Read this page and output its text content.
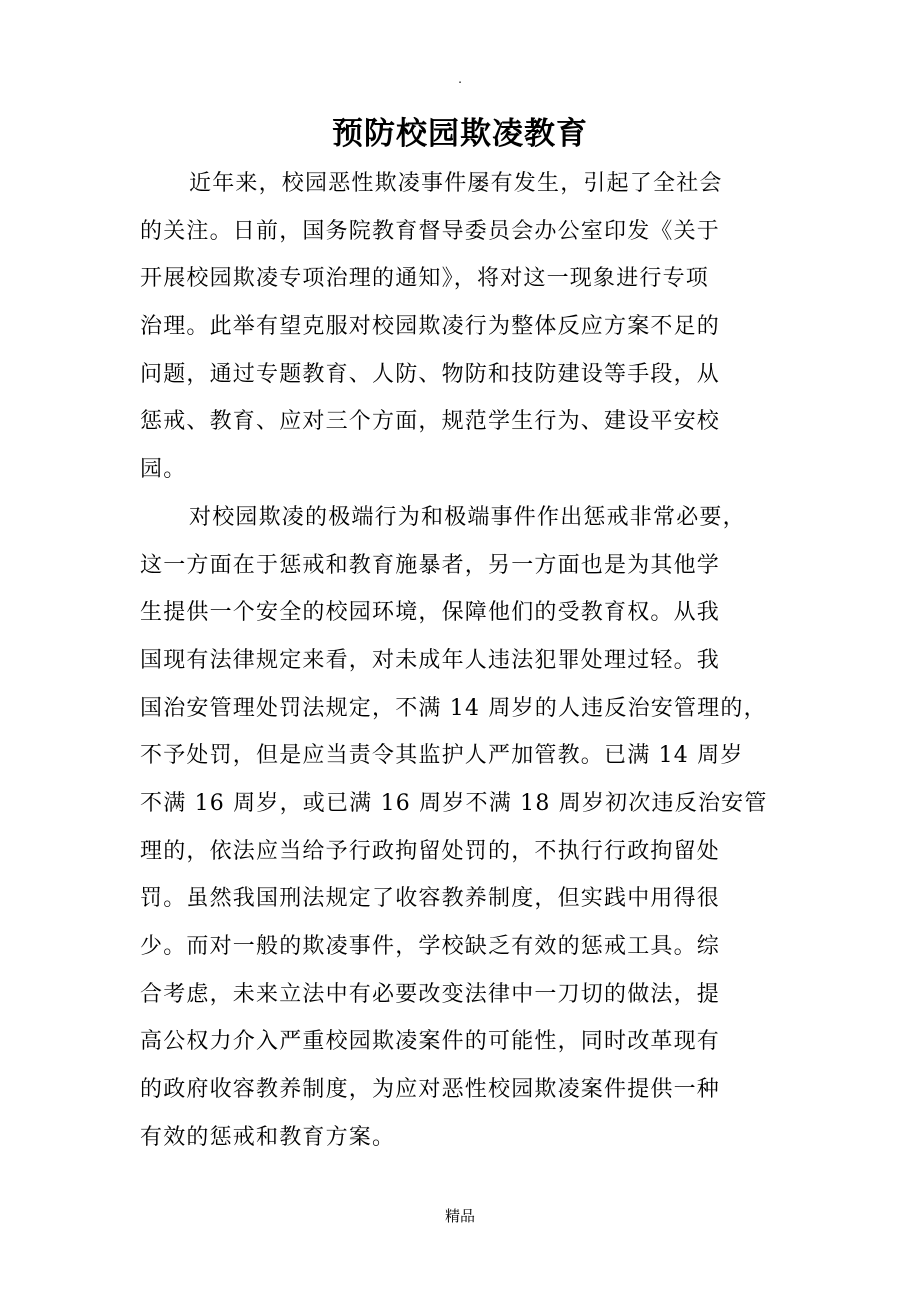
.
预防校园欺凌教育
近年来，校园恶性欺凌事件屡有发生，引起了全社会
的关注。日前，国务院教育督导委员会办公室印发《关于
开展校园欺凌专项治理的通知》，将对这一现象进行专项
治理。此举有望克服对校园欺凌行为整体反应方案不足的
问题，通过专题教育、人防、物防和技防建设等手段，从
惩戒、教育、应对三个方面，规范学生行为、建设平安校
园。
对校园欺凌的极端行为和极端事件作出惩戒非常必要，
这一方面在于惩戒和教育施暴者，另一方面也是为其他学
生提供一个安全的校园环境，保障他们的受教育权。从我
国现有法律规定来看，对未成年人违法犯罪处理过轻。我
国治安管理处罚法规定，不满 14 周岁的人违反治安管理的，
不予处罚，但是应当责令其监护人严加管教。已满 14 周岁
不满 16 周岁，或已满 16 周岁不满 18 周岁初次违反治安管
理的，依法应当给予行政拘留处罚的，不执行行政拘留处
罚。虽然我国刑法规定了收容教养制度，但实践中用得很
少。而对一般的欺凌事件，学校缺乏有效的惩戒工具。综
合考虑，未来立法中有必要改变法律中一刀切的做法，提
高公权力介入严重校园欺凌案件的可能性，同时改革现有
的政府收容教养制度，为应对恶性校园欺凌案件提供一种
有效的惩戒和教育方案。
精品
